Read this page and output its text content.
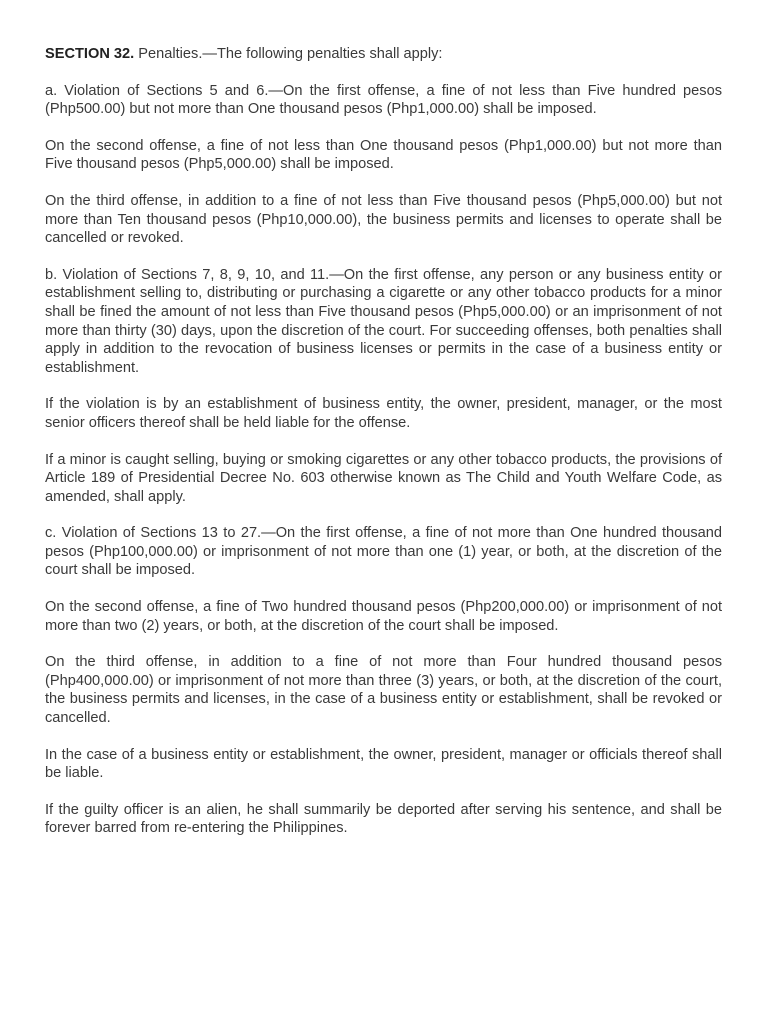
SECTION 32. Penalties.—The following penalties shall apply:

a. Violation of Sections 5 and 6.—On the first offense, a fine of not less than Five hundred pesos (Php500.00) but not more than One thousand pesos (Php1,000.00) shall be imposed.

On the second offense, a fine of not less than One thousand pesos (Php1,000.00) but not more than Five thousand pesos (Php5,000.00) shall be imposed.

On the third offense, in addition to a fine of not less than Five thousand pesos (Php5,000.00) but not more than Ten thousand pesos (Php10,000.00), the business permits and licenses to operate shall be cancelled or revoked.

b. Violation of Sections 7, 8, 9, 10, and 11.—On the first offense, any person or any business entity or establishment selling to, distributing or purchasing a cigarette or any other tobacco products for a minor shall be fined the amount of not less than Five thousand pesos (Php5,000.00) or an imprisonment of not more than thirty (30) days, upon the discretion of the court. For succeeding offenses, both penalties shall apply in addition to the revocation of business licenses or permits in the case of a business entity or establishment.

If the violation is by an establishment of business entity, the owner, president, manager, or the most senior officers thereof shall be held liable for the offense.

If a minor is caught selling, buying or smoking cigarettes or any other tobacco products, the provisions of Article 189 of Presidential Decree No. 603 otherwise known as The Child and Youth Welfare Code, as amended, shall apply.

c. Violation of Sections 13 to 27.—On the first offense, a fine of not more than One hundred thousand pesos (Php100,000.00) or imprisonment of not more than one (1) year, or both, at the discretion of the court shall be imposed.

On the second offense, a fine of Two hundred thousand pesos (Php200,000.00) or imprisonment of not more than two (2) years, or both, at the discretion of the court shall be imposed.

On the third offense, in addition to a fine of not more than Four hundred thousand pesos (Php400,000.00) or imprisonment of not more than three (3) years, or both, at the discretion of the court, the business permits and licenses, in the case of a business entity or establishment, shall be revoked or cancelled.

In the case of a business entity or establishment, the owner, president, manager or officials thereof shall be liable.

If the guilty officer is an alien, he shall summarily be deported after serving his sentence, and shall be forever barred from re-entering the Philippines.
